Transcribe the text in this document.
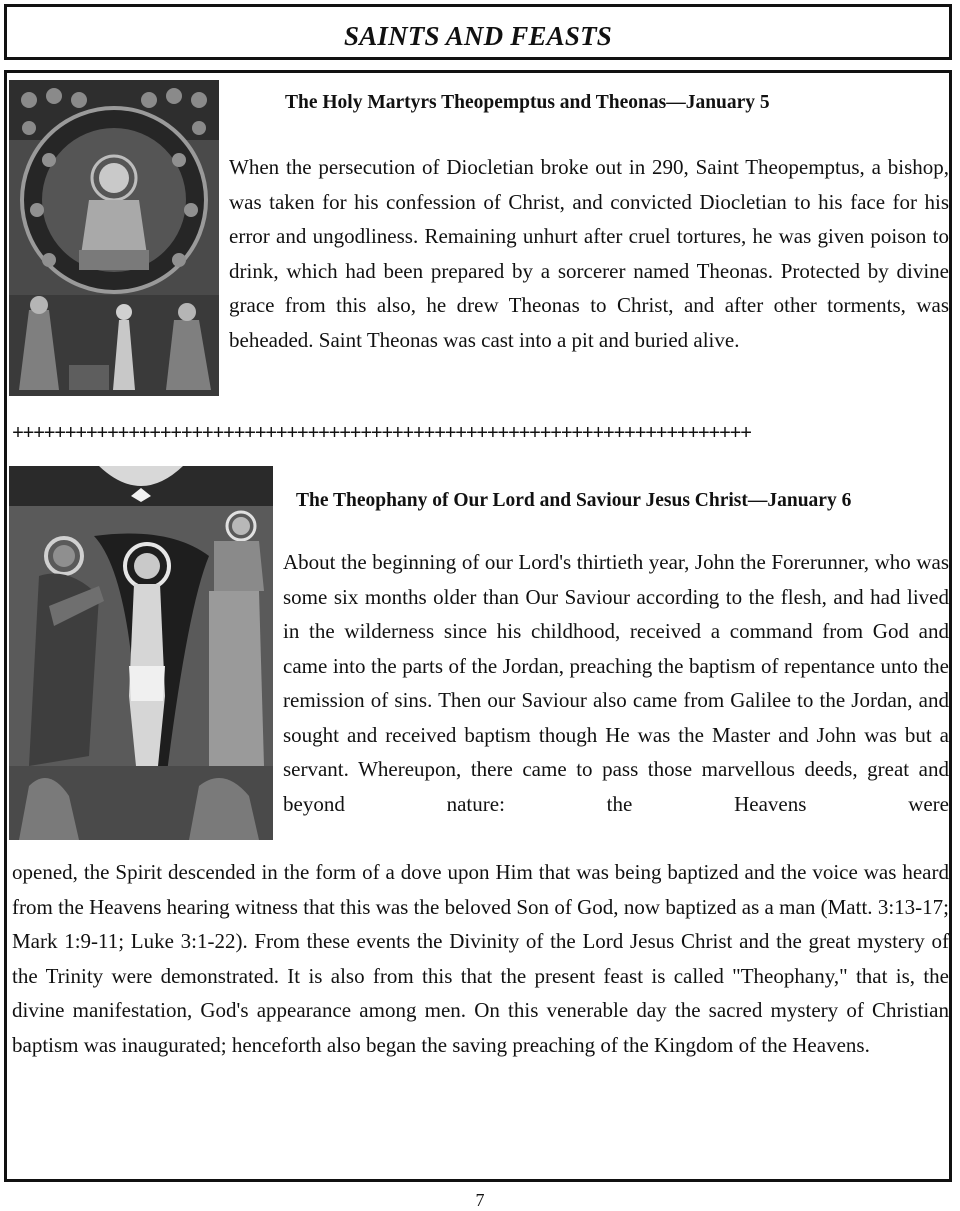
SAINTS AND FEASTS
The Holy Martyrs Theopemptus and Theonas—January 5
When the persecution of Diocletian broke out in 290, Saint Theopemptus, a bishop, was taken for his confession of Christ, and convicted Diocletian to his face for his error and ungodliness. Remaining unhurt after cruel tortures, he was given poison to drink, which had been prepared by a sorcerer named Theonas. Protected by divine grace from this also, he drew Theonas to Christ, and after other torments, was beheaded. Saint Theonas was cast into a pit and buried alive.
++++++++++++++++++++++++++++++++++++++++++++++++++++++++++++++++++++++
The Theophany of Our Lord and Saviour Jesus Christ—January 6
About the beginning of our Lord's thirtieth year, John the Forerunner, who was some six months older than Our Saviour according to the flesh, and had lived in the wilderness since his childhood, received a command from God and came into the parts of the Jordan, preaching the baptism of repentance unto the remission of sins. Then our Saviour also came from Galilee to the Jordan, and sought and received baptism though He was the Master and John was but a servant. Whereupon, there came to pass those marvellous deeds, great and beyond nature: the Heavens were
opened, the Spirit descended in the form of a dove upon Him that was being baptized and the voice was heard from the Heavens hearing witness that this was the beloved Son of God, now baptized as a man (Matt. 3:13-17; Mark 1:9-11; Luke 3:1-22). From these events the Divinity of the Lord Jesus Christ and the great mystery of the Trinity were demonstrated. It is also from this that the present feast is called "Theophany," that is, the divine manifestation, God's appearance among men. On this venerable day the sacred mystery of Christian baptism was inaugurated; henceforth also began the saving preaching of the Kingdom of the Heavens.
7
